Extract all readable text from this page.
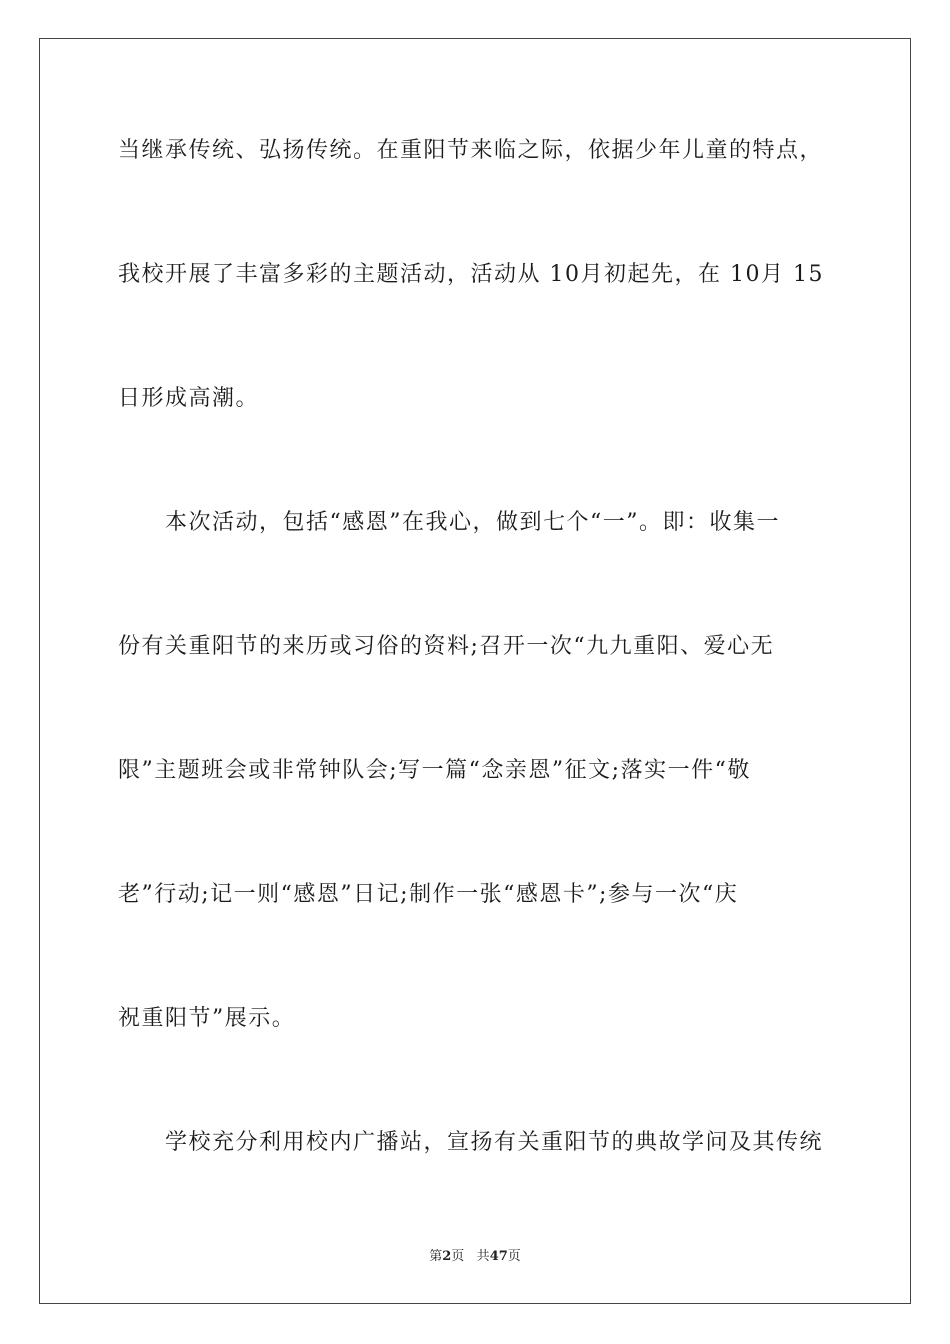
当继承传统、弘扬传统。在重阳节来临之际，依据少年儿童的特点，
我校开展了丰富多彩的主题活动，活动从 10月初起先，在 10月 15
日形成高潮。
　　本次活动，包括“感恩”在我心，做到七个“一”。即：收集一
份有关重阳节的来历或习俗的资料;召开一次“九九重阳、爱心无
限”主题班会或非常钟队会;写一篇“念亲恩”征文;落实一件“敬
老”行动;记一则“感恩”日记;制作一张“感恩卡”;参与一次“庆
祝重阳节”展示。
　　学校充分利用校内广播站，宣扬有关重阳节的典故学问及其传统
第2页 共47页
